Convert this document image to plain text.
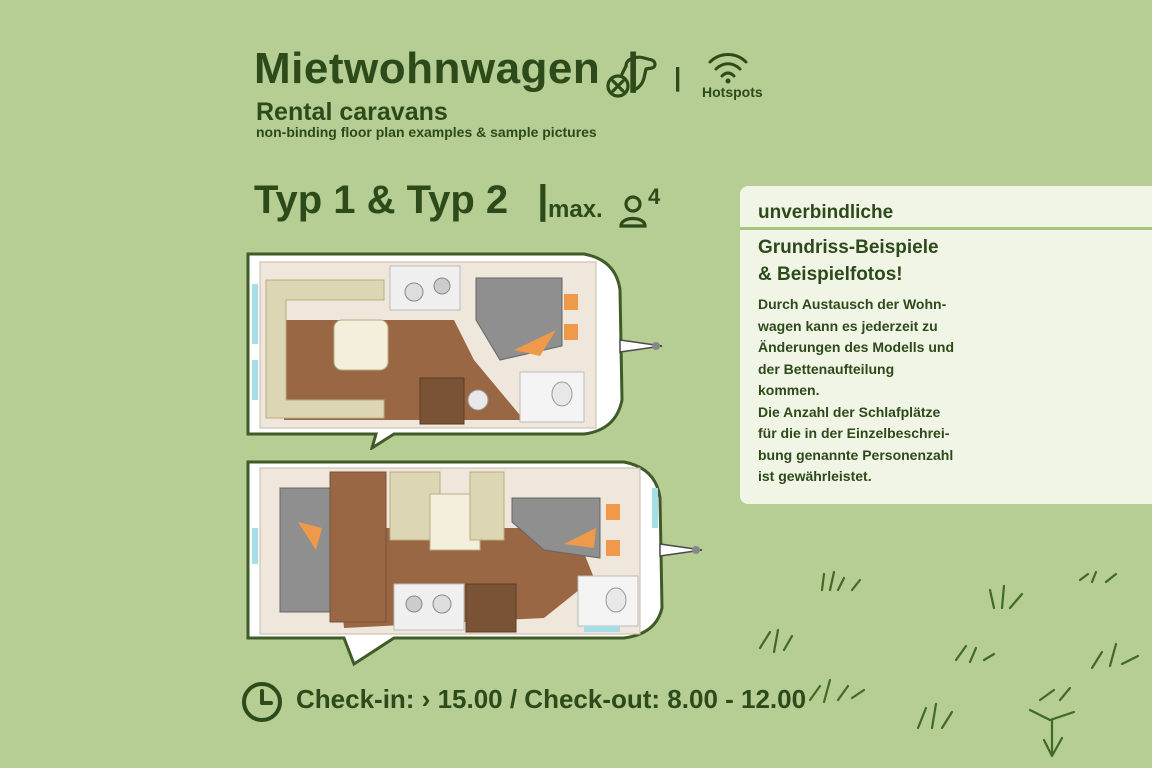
Mietwohnwagen | | Hotspots
Rental caravans
non-binding floor plan examples & sample pictures
Typ 1 & Typ 2 | max. 4
unverbindliche
Grundriss-Beispiele
& Beispielfotos!
Durch Austausch der Wohn-
wagen kann es jederzeit zu
Änderungen des Modells und
der Bettenaufteilung
kommen.
Die Anzahl der Schlafplätze
für die in der Einzelbeschrei-
bung genannte Personenzahl
ist gewährleistet.
Check-in: › 15.00 / Check-out: 8.00 - 12.00
